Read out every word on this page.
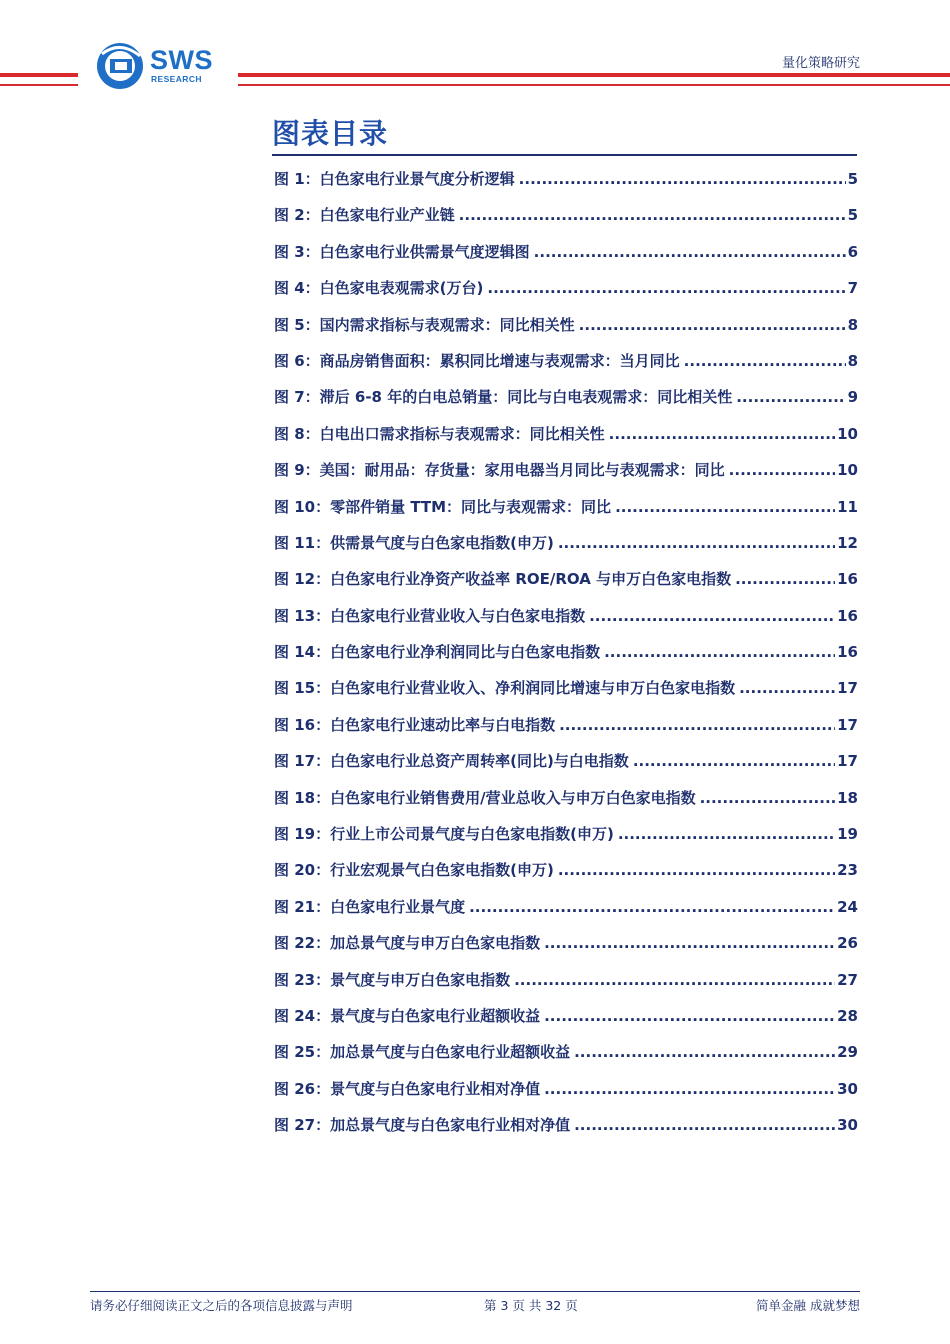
SWS
RESEARCH
量化策略研究
图表目录
图 1：白色家电行业景气度分析逻辑 .....	5
图 2：白色家电行业产业链 .....	5
图 3：白色家电行业供需景气度逻辑图 .....	6
图 4：白色家电表观需求(万台) .....	7
图 5：国内需求指标与表观需求：同比相关性 .....	8
图 6：商品房销售面积：累积同比增速与表观需求：当月同比 .....	8
图 7：滞后 6-8 年的白电总销量：同比与白电表观需求：同比相关性 .....	9
图 8：白电出口需求指标与表观需求：同比相关性 .....	10
图 9：美国：耐用品：存货量：家用电器当月同比与表观需求：同比 .....	10
图 10：零部件销量 TTM：同比与表观需求：同比 .....	11
图 11：供需景气度与白色家电指数(申万) .....	12
图 12：白色家电行业净资产收益率 ROE/ROA 与申万白色家电指数 .....	16
图 13：白色家电行业营业收入与白色家电指数 .....	16
图 14：白色家电行业净利润同比与白色家电指数 .....	16
图 15：白色家电行业营业收入、净利润同比增速与申万白色家电指数 .....	17
图 16：白色家电行业速动比率与白电指数 .....	17
图 17：白色家电行业总资产周转率(同比)与白电指数 .....	17
图 18：白色家电行业销售费用/营业总收入与申万白色家电指数 .....	18
图 19：行业上市公司景气度与白色家电指数(申万) .....	19
图 20：行业宏观景气白色家电指数(申万) .....	23
图 21：白色家电行业景气度 .....	24
图 22：加总景气度与申万白色家电指数 .....	26
图 23：景气度与申万白色家电指数 .....	27
图 24：景气度与白色家电行业超额收益 .....	28
图 25：加总景气度与白色家电行业超额收益 .....	29
图 26：景气度与白色家电行业相对净值 .....	30
图 27：加总景气度与白色家电行业相对净值 .....	30
请务必仔细阅读正文之后的各项信息披露与声明	第 3 页 共 32 页	简单金融 成就梦想
